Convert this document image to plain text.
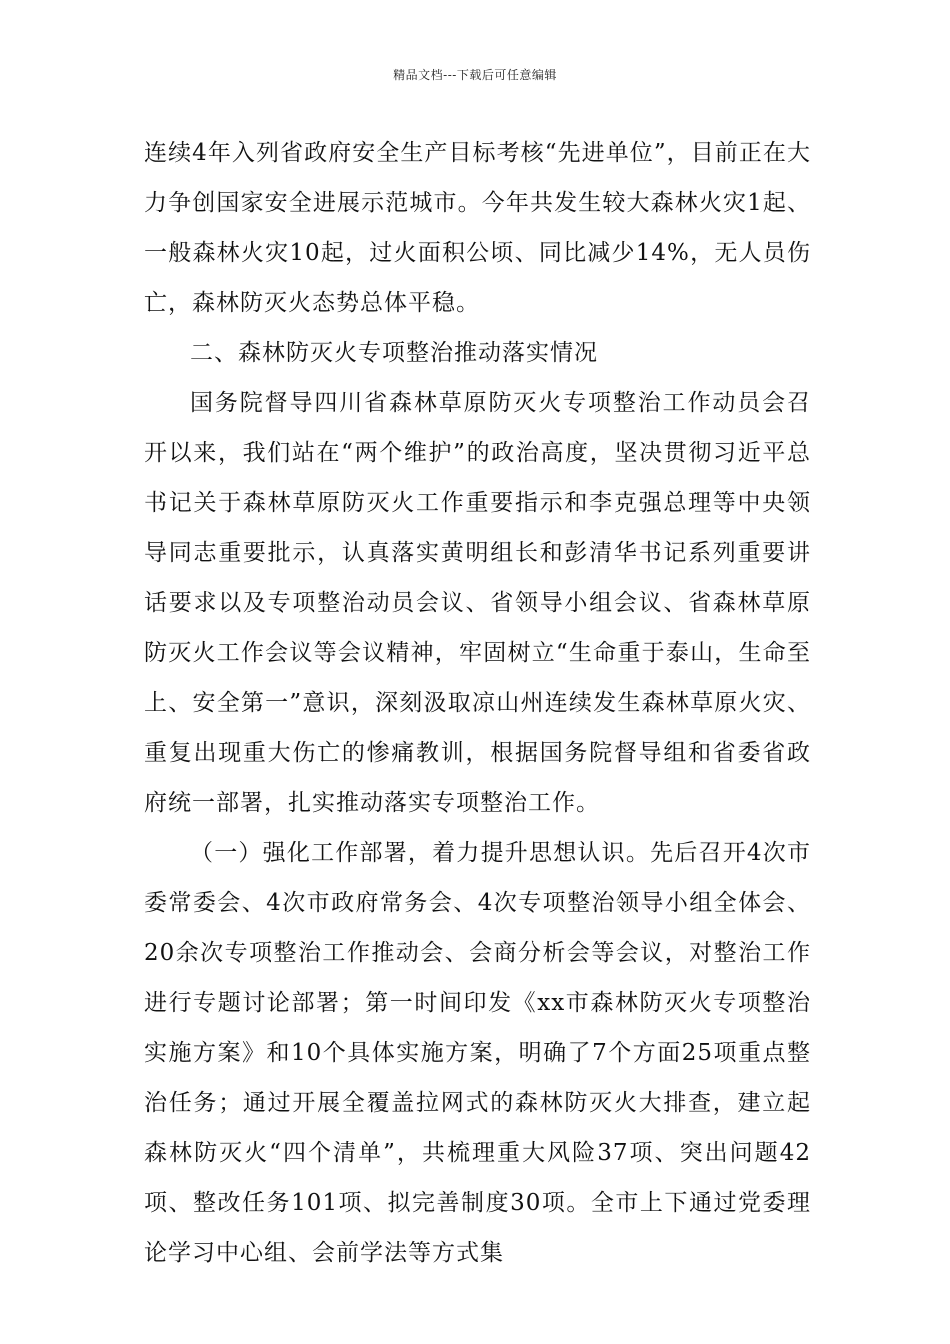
精品文档---下载后可任意编辑

连续4年入列省政府安全生产目标考核“先进单位”，目前正在大力争创国家安全进展示范城市。今年共发生较大森林火灾1起、一般森林火灾10起，过火面积公顷、同比减少14%，无人员伤亡，森林防灭火态势总体平稳。

二、森林防灭火专项整治推动落实情况

国务院督导四川省森林草原防灭火专项整治工作动员会召开以来，我们站在“两个维护”的政治高度，坚决贯彻习近平总书记关于森林草原防灭火工作重要指示和李克强总理等中央领导同志重要批示，认真落实黄明组长和彭清华书记系列重要讲话要求以及专项整治动员会议、省领导小组会议、省森林草原防灭火工作会议等会议精神，牢固树立“生命重于泰山，生命至上、安全第一”意识，深刻汲取凉山州连续发生森林草原火灾、重复出现重大伤亡的惨痛教训，根据国务院督导组和省委省政府统一部署，扎实推动落实专项整治工作。

（一）强化工作部署，着力提升思想认识。先后召开4次市委常委会、4次市政府常务会、4次专项整治领导小组全体会、20余次专项整治工作推动会、会商分析会等会议，对整治工作进行专题讨论部署；第一时间印发《xx市森林防灭火专项整治实施方案》和10个具体实施方案，明确了7个方面25项重点整治任务；通过开展全覆盖拉网式的森林防灭火大排查，建立起森林防灭火“四个清单”，共梳理重大风险37项、突出问题42项、整改任务101项、拟完善制度30项。全市上下通过党委理论学习中心组、会前学法等方式集
